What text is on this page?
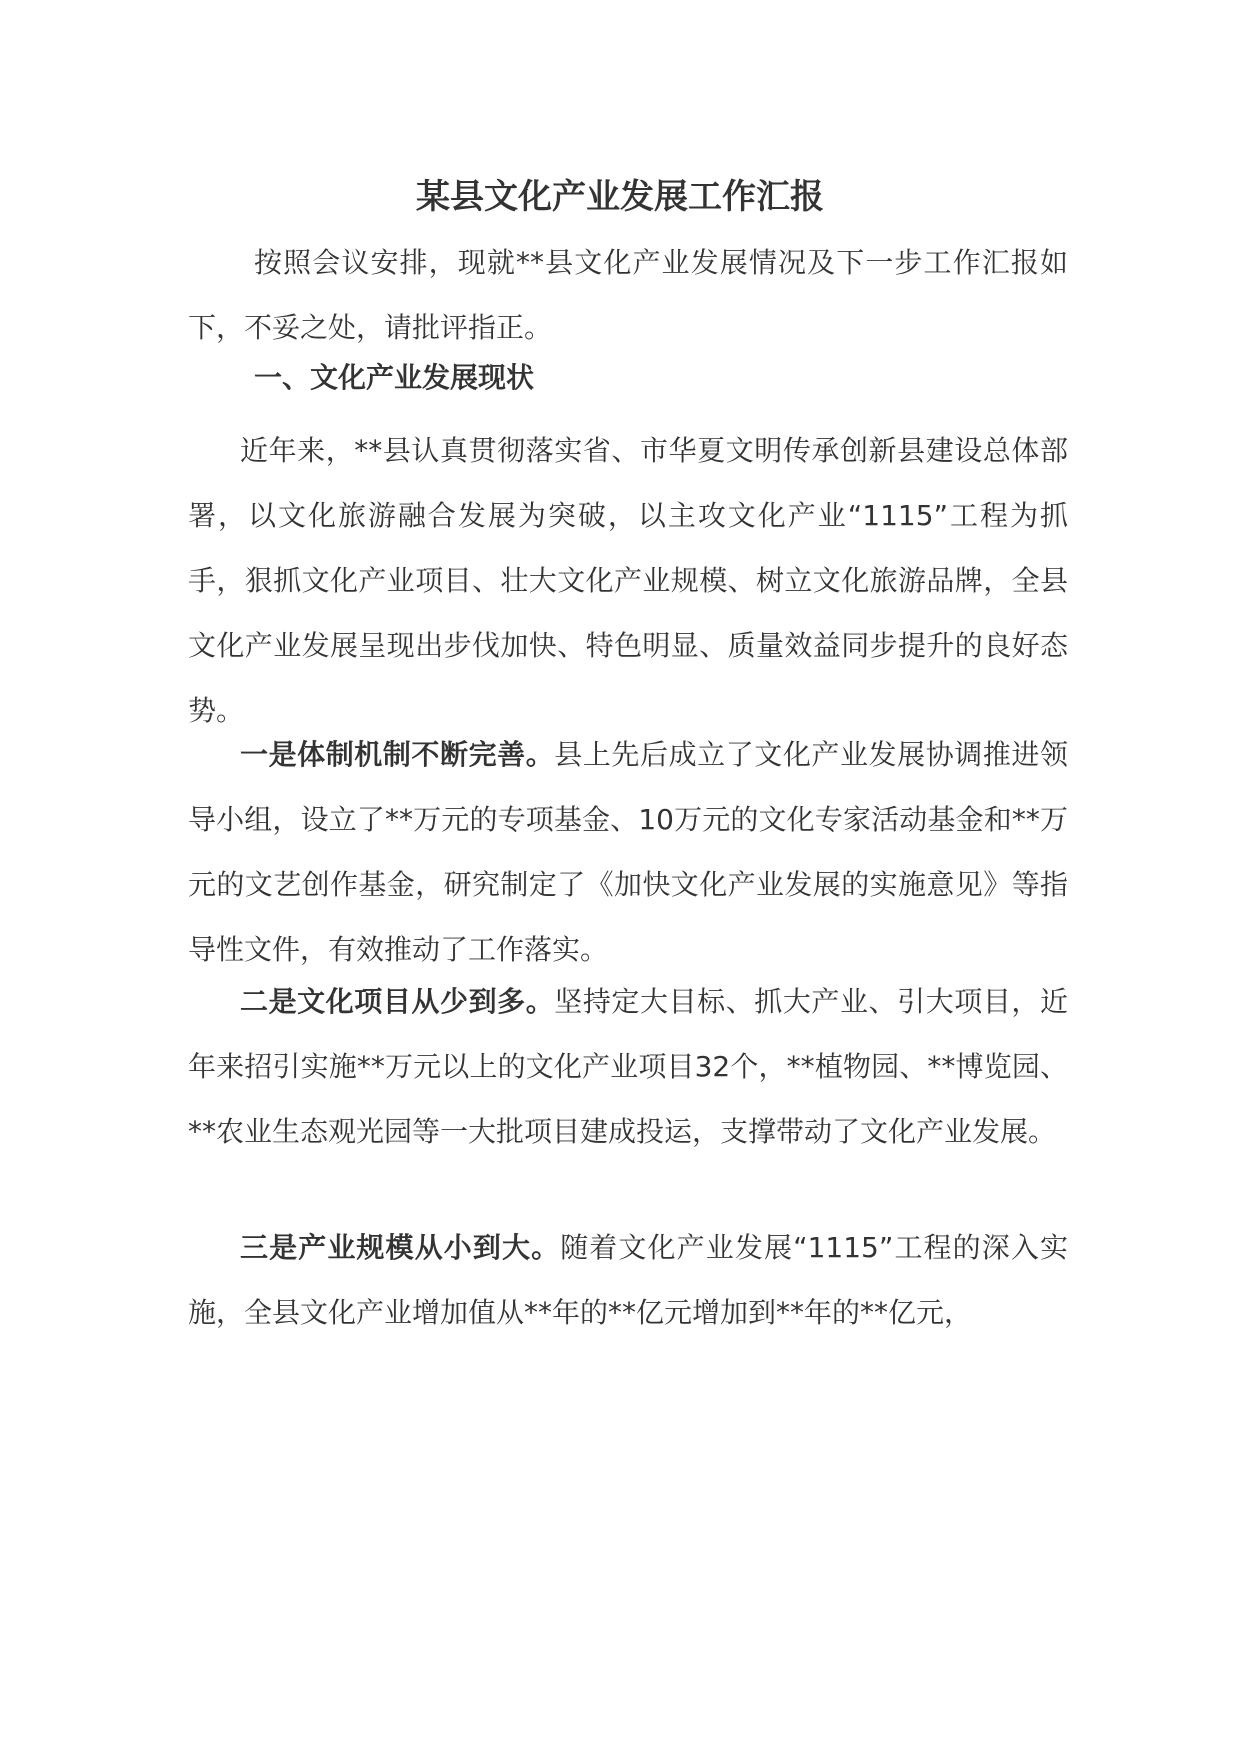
某县文化产业发展工作汇报

按照会议安排，现就**县文化产业发展情况及下一步工作汇报如下，不妥之处，请批评指正。

一、文化产业发展现状

近年来，**县认真贯彻落实省、市华夏文明传承创新县建设总体部署，以文化旅游融合发展为突破，以主攻文化产业“1115”工程为抓手，狠抓文化产业项目、壮大文化产业规模、树立文化旅游品牌，全县文化产业发展呈现出步伐加快、特色明显、质量效益同步提升的良好态势。

一是体制机制不断完善。县上先后成立了文化产业发展协调推进领导小组，设立了**万元的专项基金、10万元的文化专家活动基金和**万元的文艺创作基金，研究制定了《加快文化产业发展的实施意见》等指导性文件，有效推动了工作落实。

二是文化项目从少到多。坚持定大目标、抓大产业、引大项目，近年来招引实施**万元以上的文化产业项目32个，**植物园、**博览园、**农业生态观光园等一大批项目建成投运，支撑带动了文化产业发展。

三是产业规模从小到大。随着文化产业发展“1115”工程的深入实施，全县文化产业增加值从**年的**亿元增加到**年的**亿元，
